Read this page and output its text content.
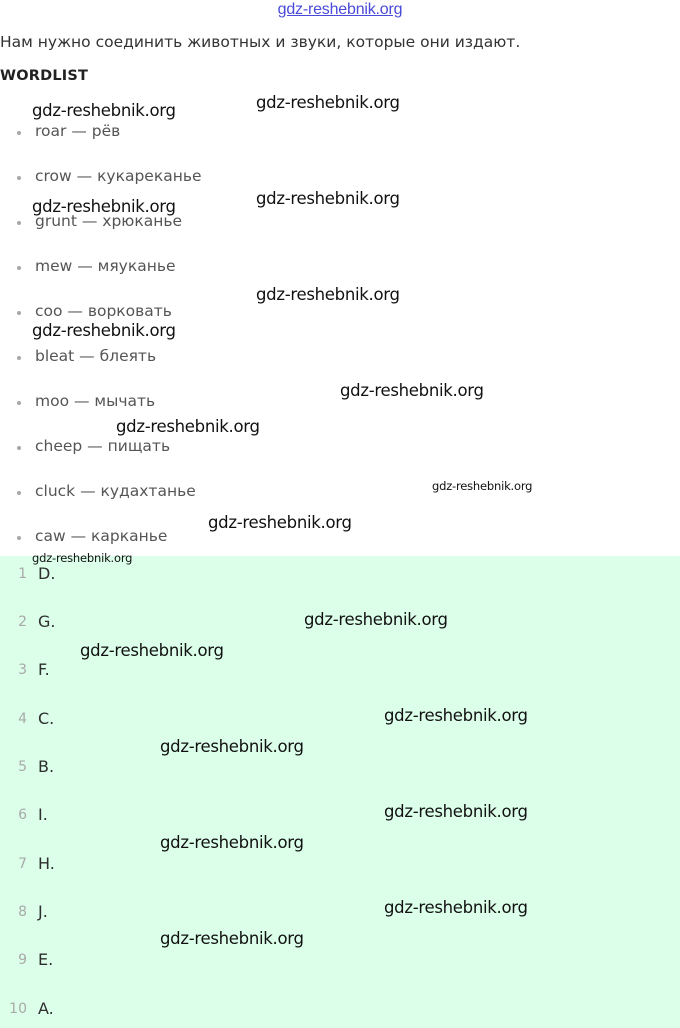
gdz-reshebnik.org
Нам нужно соединить животных и звуки, которые они издают.
WORDLIST
roar — рёв
crow — кукареканье
grunt — хрюканье
mew — мяуканье
coo — ворковать
bleat — блеять
moo — мычать
cheep — пищать
cluck — кудахтанье
caw — карканье
1 D.
2 G.
3 F.
4 C.
5 B.
6 I.
7 H.
8 J.
9 E.
10 A.
gdz-reshebnik.org	gdz-reshebnik.org
gdz-reshebnik.org	gdz-reshebnik.org
gdz-reshebnik.org
gdz-reshebnik.org
gdz-reshebnik.org
gdz-reshebnik.org
gdz-reshebnik.org
gdz-reshebnik.org
gdz-reshebnik.org
gdz-reshebnik.org
gdz-reshebnik.org
gdz-reshebnik.org
gdz-reshebnik.org
gdz-reshebnik.org
gdz-reshebnik.org
gdz-reshebnik.org
gdz-reshebnik.org
